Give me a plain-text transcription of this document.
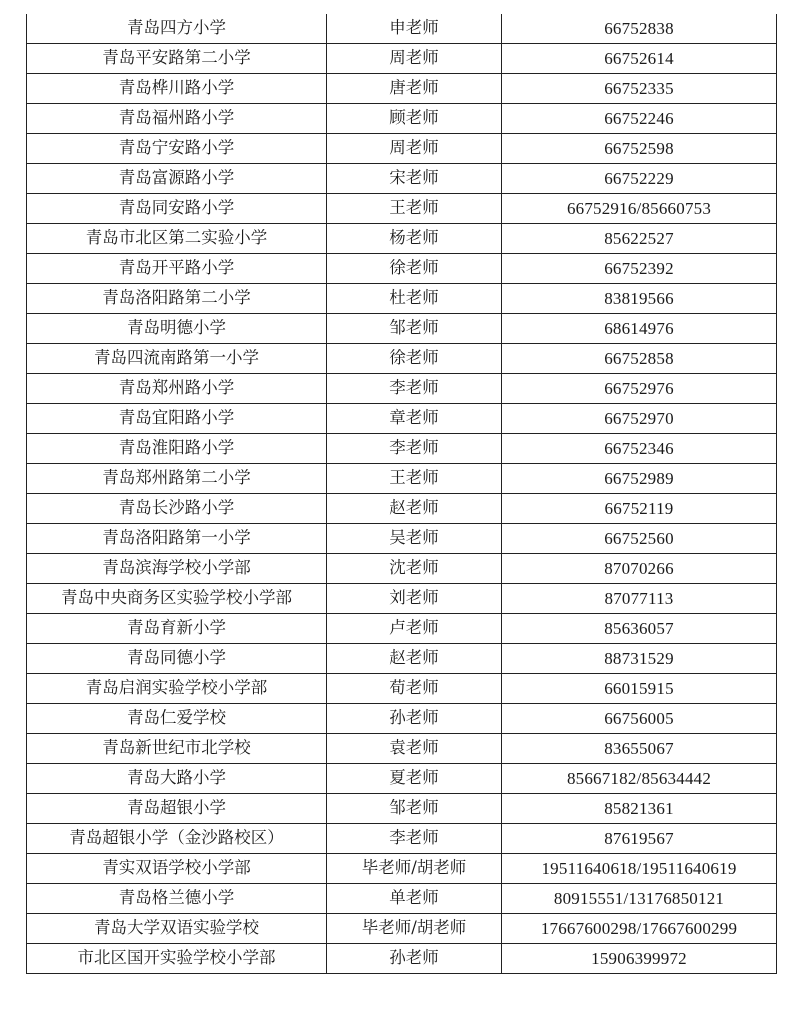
青岛四方小学	申老师	66752838
青岛平安路第二小学	周老师	66752614
青岛桦川路小学	唐老师	66752335
青岛福州路小学	顾老师	66752246
青岛宁安路小学	周老师	66752598
青岛富源路小学	宋老师	66752229
青岛同安路小学	王老师	66752916/85660753
青岛市北区第二实验小学	杨老师	85622527
青岛开平路小学	徐老师	66752392
青岛洛阳路第二小学	杜老师	83819566
青岛明德小学	邹老师	68614976
青岛四流南路第一小学	徐老师	66752858
青岛郑州路小学	李老师	66752976
青岛宜阳路小学	章老师	66752970
青岛淮阳路小学	李老师	66752346
青岛郑州路第二小学	王老师	66752989
青岛长沙路小学	赵老师	66752119
青岛洛阳路第一小学	吴老师	66752560
青岛滨海学校小学部	沈老师	87070266
青岛中央商务区实验学校小学部	刘老师	87077113
青岛育新小学	卢老师	85636057
青岛同德小学	赵老师	88731529
青岛启润实验学校小学部	荀老师	66015915
青岛仁爱学校	孙老师	66756005
青岛新世纪市北学校	袁老师	83655067
青岛大路小学	夏老师	85667182/85634442
青岛超银小学	邹老师	85821361
青岛超银小学（金沙路校区）	李老师	87619567
青实双语学校小学部	毕老师/胡老师	19511640618/19511640619
青岛格兰德小学	单老师	80915551/13176850121
青岛大学双语实验学校	毕老师/胡老师	17667600298/17667600299
市北区国开实验学校小学部	孙老师	15906399972
